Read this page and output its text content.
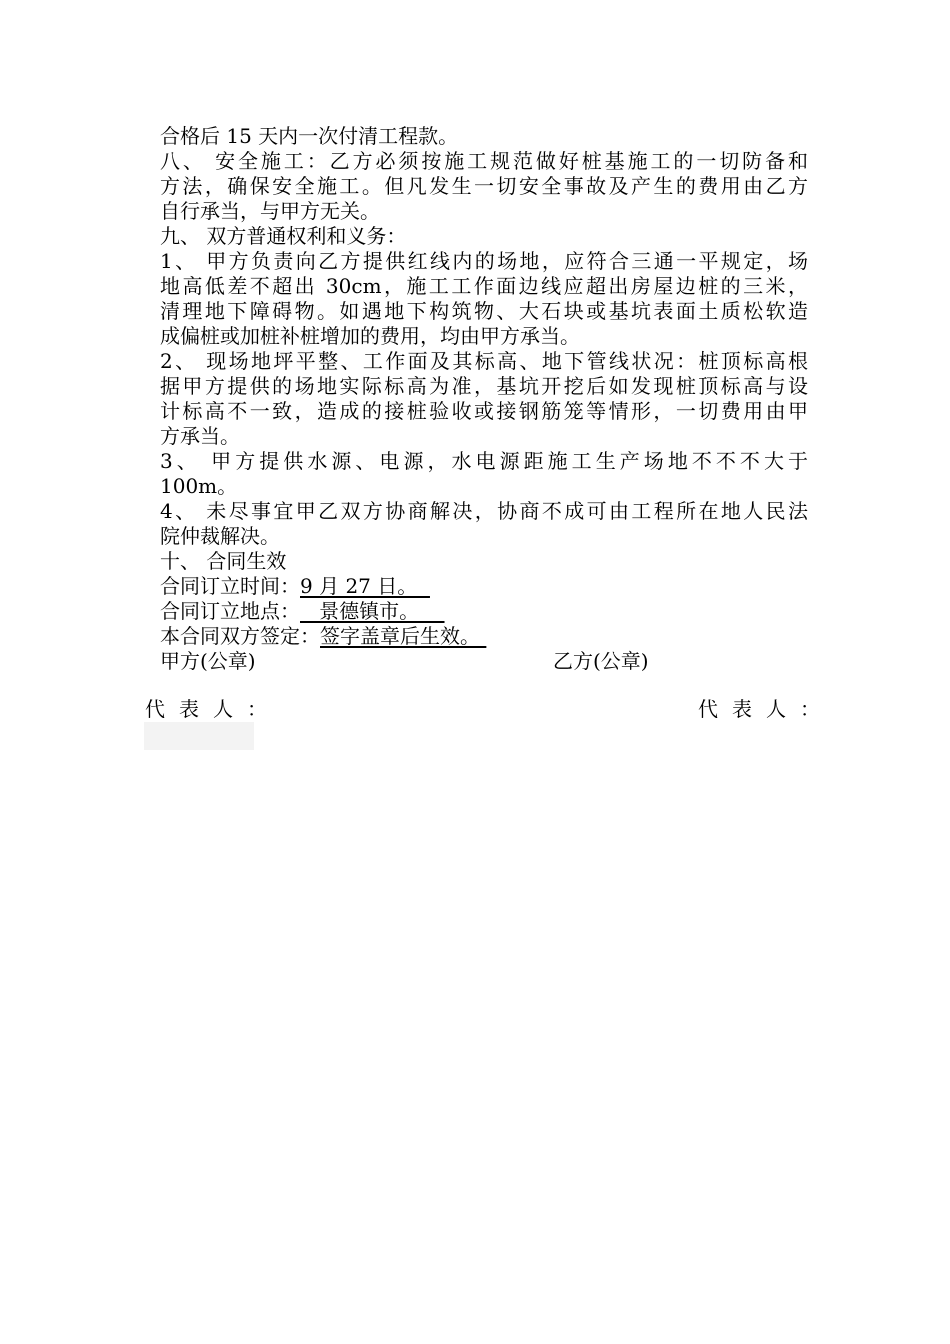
合格后 15 天内一次付清工程款。
八、 安全施工：乙方必须按施工规范做好桩基施工的一切防备和
方法，确保安全施工。但凡发生一切安全事故及产生的费用由乙方
自行承当，与甲方无关。
九、 双方普通权利和义务：
1、 甲方负责向乙方提供红线内的场地，应符合三通一平规定，场
地高低差不超出 30cm，施工工作面边线应超出房屋边桩的三米，
清理地下障碍物。如遇地下构筑物、大石块或基坑表面土质松软造
成偏桩或加桩补桩增加的费用，均由甲方承当。
2、 现场地坪平整、工作面及其标高、地下管线状况：桩顶标高根
据甲方提供的场地实际标高为准，基坑开挖后如发现桩顶标高与设
计标高不一致，造成的接桩验收或接钢筋笼等情形，一切费用由甲
方承当。
3、 甲方提供水源、电源，水电源距施工生产场地不不不大于
100m。
4、 未尽事宜甲乙双方协商解决，协商不成可由工程所在地人民法
院仲裁解决。
十、 合同生效
合同订立时间：9 月 27 日。
合同订立地点：   景德镇市。
本合同双方签定：签字盖章后生效。
甲方(公章)	乙方(公章)
代表人：	代表人：
